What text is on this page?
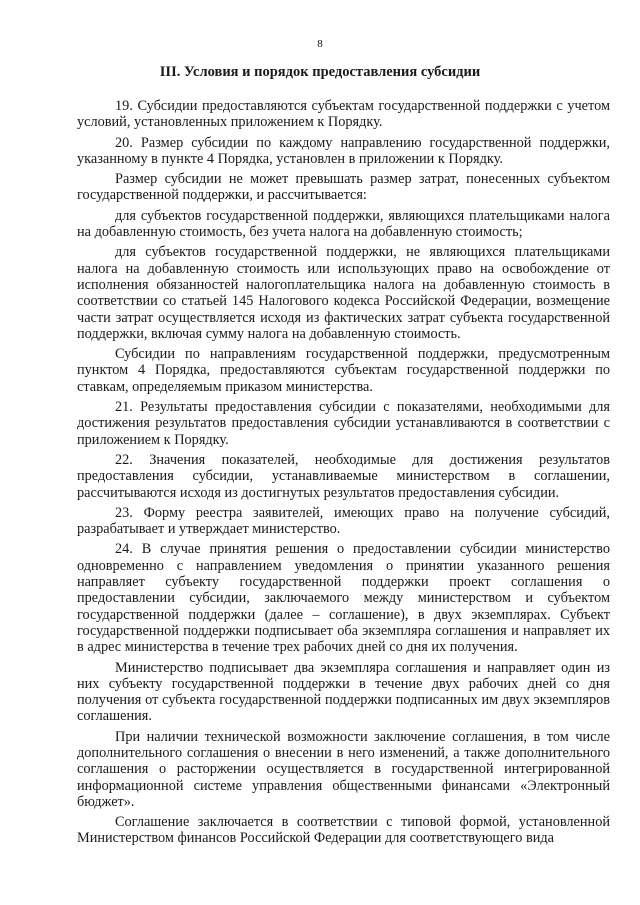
8
III. Условия и порядок предоставления субсидии

19. Субсидии предоставляются субъектам государственной поддержки с учетом условий, установленных приложением к Порядку.

20. Размер субсидии по каждому направлению государственной поддержки, указанному в пункте 4 Порядка, установлен в приложении к Порядку.

Размер субсидии не может превышать размер затрат, понесенных субъектом государственной поддержки, и рассчитывается:

для субъектов государственной поддержки, являющихся плательщиками налога на добавленную стоимость, без учета налога на добавленную стоимость;

для субъектов государственной поддержки, не являющихся плательщиками налога на добавленную стоимость или использующих право на освобождение от исполнения обязанностей налогоплательщика налога на добавленную стоимость в соответствии со статьей 145 Налогового кодекса Российской Федерации, возмещение части затрат осуществляется исходя из фактических затрат субъекта государственной поддержки, включая сумму налога на добавленную стоимость.

Субсидии по направлениям государственной поддержки, предусмотренным пунктом 4 Порядка, предоставляются субъектам государственной поддержки по ставкам, определяемым приказом министерства.

21. Результаты предоставления субсидии с показателями, необходимыми для достижения результатов предоставления субсидии устанавливаются в соответствии с приложением к Порядку.

22. Значения показателей, необходимые для достижения результатов предоставления субсидии, устанавливаемые министерством в соглашении, рассчитываются исходя из достигнутых результатов предоставления субсидии.

23. Форму реестра заявителей, имеющих право на получение субсидий, разрабатывает и утверждает министерство.

24. В случае принятия решения о предоставлении субсидии министерство одновременно с направлением уведомления о принятии указанного решения направляет субъекту государственной поддержки проект соглашения о предоставлении субсидии, заключаемого между министерством и субъектом государственной поддержки (далее – соглашение), в двух экземплярах. Субъект государственной поддержки подписывает оба экземпляра соглашения и направляет их в адрес министерства в течение трех рабочих дней со дня их получения.

Министерство подписывает два экземпляра соглашения и направляет один из них субъекту государственной поддержки в течение двух рабочих дней со дня получения от субъекта государственной поддержки подписанных им двух экземпляров соглашения.

При наличии технической возможности заключение соглашения, в том числе дополнительного соглашения о внесении в него изменений, а также дополнительного соглашения о расторжении осуществляется в государственной интегрированной информационной системе управления общественными финансами «Электронный бюджет».

Соглашение заключается в соответствии с типовой формой, установленной Министерством финансов Российской Федерации для соответствующего вида
